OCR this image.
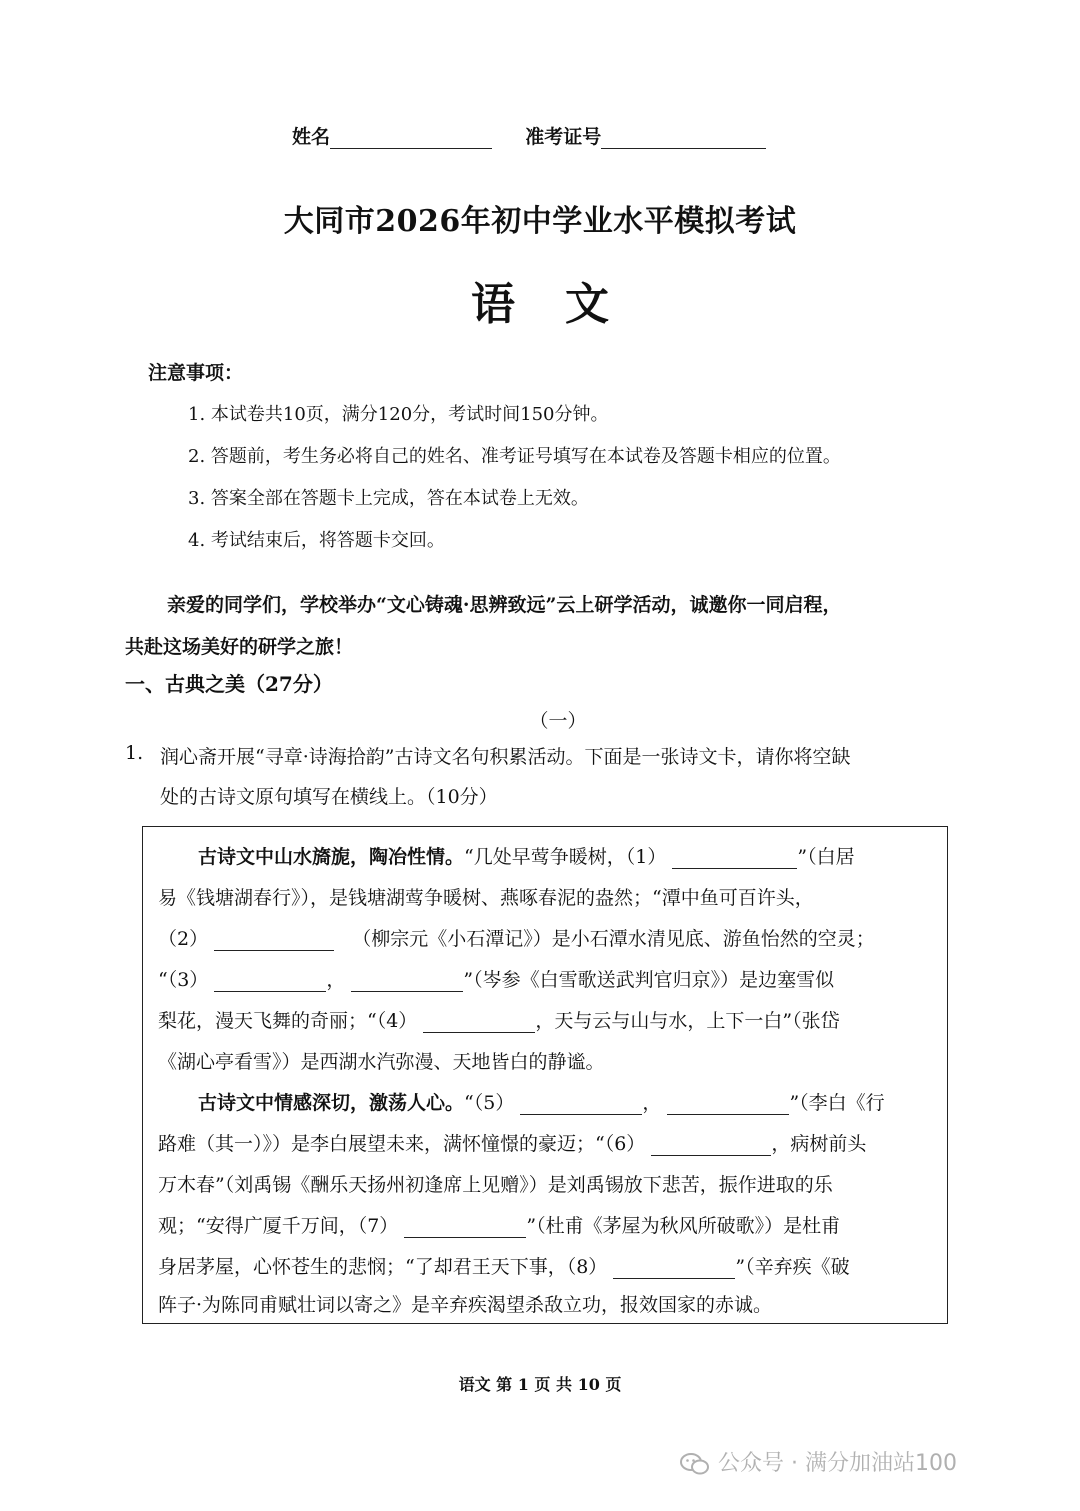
姓名	准考证号
大同市2026年初中学业水平模拟考试
语文
注意事项：
1. 本试卷共10页，满分120分，考试时间150分钟。
2. 答题前，考生务必将自己的姓名、准考证号填写在本试卷及答题卡相应的位置。
3. 答案全部在答题卡上完成，答在本试卷上无效。
4. 考试结束后，将答题卡交回。

亲爱的同学们，学校举办“文心铸魂·思辨致远”云上研学活动，诚邀你一同启程，

共赴这场美好的研学之旅！

一、古典之美（27分）
（一）
1. 润心斋开展“寻章·诗海拾韵”古诗文名句积累活动。下面是一张诗文卡，请你将空缺
处的古诗文原句填写在横线上。（10分）
古诗文中山水旖旎，陶冶性情。“几处早莺争暖树，（1）	”（白居
易《钱塘湖春行》），是钱塘湖莺争暖树、燕啄春泥的盎然；“潭中鱼可百许头，
（2）	（柳宗元《小石潭记》）是小石潭水清见底、游鱼怡然的空灵；
“（3）	，	”（岑参《白雪歌送武判官归京》）是边塞雪似
梨花，漫天飞舞的奇丽；“（4）	，天与云与山与水，上下一白”（张岱
《湖心亭看雪》）是西湖水汽弥漫、天地皆白的静谧。
古诗文中情感深切，激荡人心。“（5）	，	”（李白《行
路难（其一）》）是李白展望未来，满怀憧憬的豪迈；“（6）	，病树前头
万木春”（刘禹锡《酬乐天扬州初逢席上见赠》）是刘禹锡放下悲苦，振作进取的乐
观；“安得广厦千万间，（7）	”（杜甫《茅屋为秋风所破歌》）是杜甫
身居茅屋，心怀苍生的悲悯；“了却君王天下事，（8）	”（辛弃疾《破
阵子·为陈同甫赋壮词以寄之》是辛弃疾渴望杀敌立功，报效国家的赤诚。
语文 第 1 页 共 10 页
公众号 · 满分加油站100
